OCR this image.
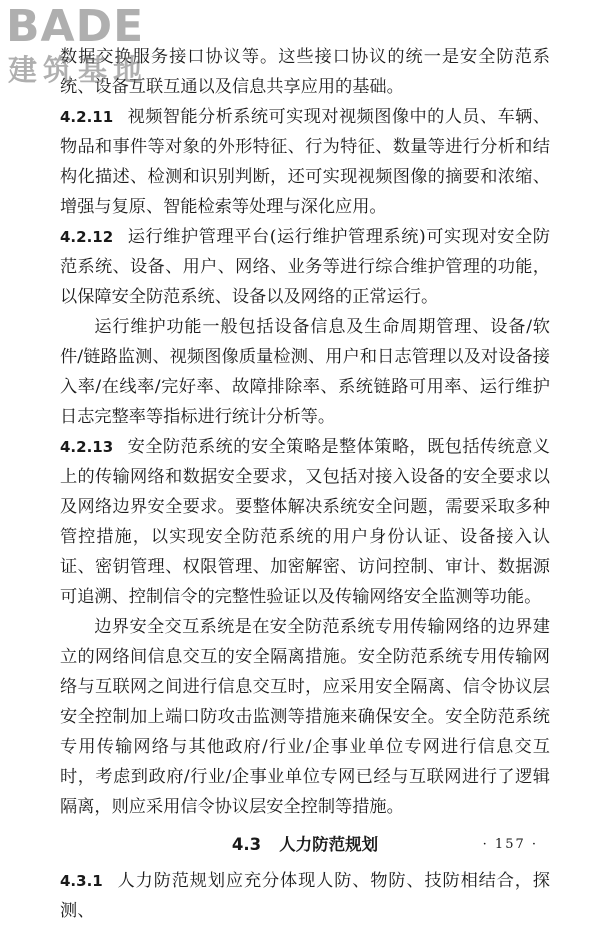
BADE
建筑基地

数据交换服务接口协议等。这些接口协议的统一是安全防范系统、设备互联互通以及信息共享应用的基础。

4.2.11 视频智能分析系统可实现对视频图像中的人员、车辆、物品和事件等对象的外形特征、行为特征、数量等进行分析和结构化描述、检测和识别判断，还可实现视频图像的摘要和浓缩、增强与复原、智能检索等处理与深化应用。

4.2.12 运行维护管理平台(运行维护管理系统)可实现对安全防范系统、设备、用户、网络、业务等进行综合维护管理的功能，以保障安全防范系统、设备以及网络的正常运行。

运行维护功能一般包括设备信息及生命周期管理、设备/软件/链路监测、视频图像质量检测、用户和日志管理以及对设备接入率/在线率/完好率、故障排除率、系统链路可用率、运行维护日志完整率等指标进行统计分析等。

4.2.13 安全防范系统的安全策略是整体策略，既包括传统意义上的传输网络和数据安全要求，又包括对接入设备的安全要求以及网络边界安全要求。要整体解决系统安全问题，需要采取多种管控措施，以实现安全防范系统的用户身份认证、设备接入认证、密钥管理、权限管理、加密解密、访问控制、审计、数据源可追溯、控制信令的完整性验证以及传输网络安全监测等功能。

边界安全交互系统是在安全防范系统专用传输网络的边界建立的网络间信息交互的安全隔离措施。安全防范系统专用传输网络与互联网之间进行信息交互时，应采用安全隔离、信令协议层安全控制加上端口防攻击监测等措施来确保安全。安全防范系统专用传输网络与其他政府/行业/企事业单位专网进行信息交互时，考虑到政府/行业/企事业单位专网已经与互联网进行了逻辑隔离，则应采用信令协议层安全控制等措施。

4.3 人力防范规划

4.3.1 人力防范规划应充分体现人防、物防、技防相结合，探测、

· 157 ·
